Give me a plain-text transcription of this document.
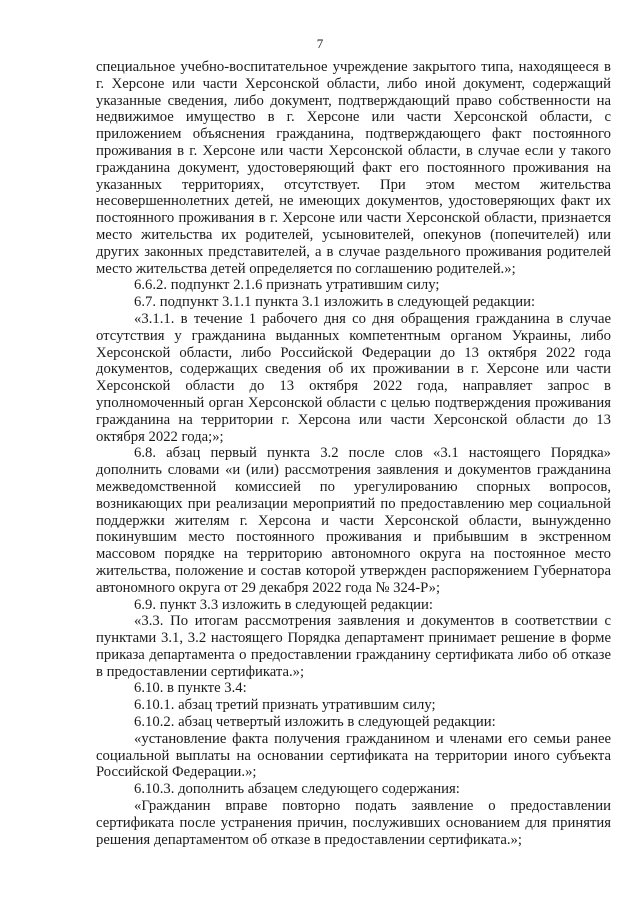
7

специальное учебно-воспитательное учреждение закрытого типа, находящееся в г. Херсоне или части Херсонской области, либо иной документ, содержащий указанные сведения, либо документ, подтверждающий право собственности на недвижимое имущество в г. Херсоне или части Херсонской области, с приложением объяснения гражданина, подтверждающего факт постоянного проживания в г. Херсоне или части Херсонской области, в случае если у такого гражданина документ, удостоверяющий факт его постоянного проживания на указанных территориях, отсутствует. При этом местом жительства несовершеннолетних детей, не имеющих документов, удостоверяющих факт их постоянного проживания в г. Херсоне или части Херсонской области, признается место жительства их родителей, усыновителей, опекунов (попечителей) или других законных представителей, а в случае раздельного проживания родителей место жительства детей определяется по соглашению родителей.»;

6.6.2. подпункт 2.1.6 признать утратившим силу;

6.7. подпункт 3.1.1 пункта 3.1 изложить в следующей редакции:

«3.1.1. в течение 1 рабочего дня со дня обращения гражданина в случае отсутствия у гражданина выданных компетентным органом Украины, либо Херсонской области, либо Российской Федерации до 13 октября 2022 года документов, содержащих сведения об их проживании в г. Херсоне или части Херсонской области до 13 октября 2022 года, направляет запрос в уполномоченный орган Херсонской области с целью подтверждения проживания гражданина на территории г. Херсона или части Херсонской области до 13 октября 2022 года;»;

6.8. абзац первый пункта 3.2 после слов «3.1 настоящего Порядка» дополнить словами «и (или) рассмотрения заявления и документов гражданина межведомственной комиссией по урегулированию спорных вопросов, возникающих при реализации мероприятий по предоставлению мер социальной поддержки жителям г. Херсона и части Херсонской области, вынужденно покинувшим место постоянного проживания и прибывшим в экстренном массовом порядке на территорию автономного округа на постоянное место жительства, положение и состав которой утвержден распоряжением Губернатора автономного округа от 29 декабря 2022 года № 324-Р»;

6.9. пункт 3.3 изложить в следующей редакции:

«3.3. По итогам рассмотрения заявления и документов в соответствии с пунктами 3.1, 3.2 настоящего Порядка департамент принимает решение в форме приказа департамента о предоставлении гражданину сертификата либо об отказе в предоставлении сертификата.»;

6.10. в пункте 3.4:

6.10.1. абзац третий признать утратившим силу;

6.10.2. абзац четвертый изложить в следующей редакции:

«установление факта получения гражданином и членами его семьи ранее социальной выплаты на основании сертификата на территории иного субъекта Российской Федерации.»;

6.10.3. дополнить абзацем следующего содержания:

«Гражданин вправе повторно подать заявление о предоставлении сертификата после устранения причин, послуживших основанием для принятия решения департаментом об отказе в предоставлении сертификата.»;
